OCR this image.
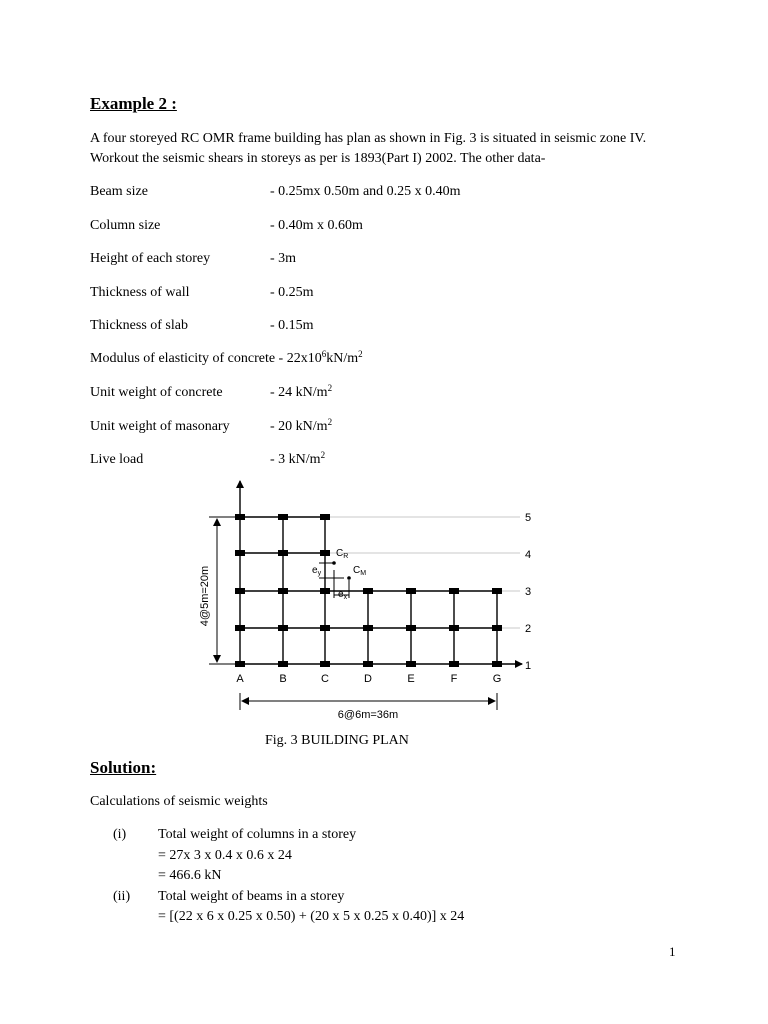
Example 2 :
A four storeyed RC OMR frame building has plan as shown in Fig. 3 is situated in seismic zone IV. Workout the seismic shears in storeys as per is 1893(Part I) 2002. The other data-
Beam size	- 0.25mx 0.50m and 0.25 x 0.40m
Column size	- 0.40m x 0.60m
Height of each storey	- 3m
Thickness of wall	- 0.25m
Thickness of slab	- 0.15m
Modulus of elasticity of concrete - $22x10^6kN/m^2$
Unit weight of concrete	- 24 $kN/m^2$
Unit weight of masonary	- 20 $kN/m^2$
Live load	- 3 $kN/m^2$
$C_R$
$C_M$
$e_y$
$e_x$
5
4
3
2
1
A	B	C	D	E	F	G
4@5m=20m
6@6m=36m
Fig. 3 BUILDING PLAN
Solution:
Calculations of seismic weights
(i) Total weight of columns in a storey
= 27x 3 x 0.4 x 0.6 x 24
= 466.6 kN
(ii) Total weight of beams in a storey
= [(22 x 6 x 0.25 x 0.50) + (20 x 5 x 0.25 x 0.40)] x 24
1
